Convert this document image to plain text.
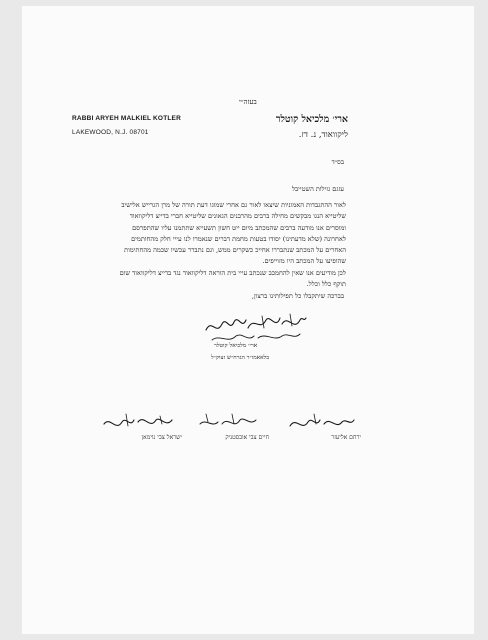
בעזה״י
ארי׳ מלכיאל קוטלר
ליקוואוד, נ. דז.
RABBI ARYEH MALKIEL KOTLER
LAKEWOOD, N.J. 08701
בס״ד
עזגם גזילות השטייבל

לאור ההתגבדות האמוניות שיצאו לאור גם אחרי שמוגו דעת תורה של מרן הגרייש אלישיב

שליטייא הנגו מבקשים מחילה ברבים מהרבנים הגאונים שליטייא חברי בדייצ דליקוואוד

ומוסרים אנו מודעה ברבים שהמכתב מיום ייט חשון תשעייא שתתמנו עליו שהתפרסם

לאחרונה (שלא מדעתינו) יסודו בטעות מחמת דברים שנאמרו לנו עייי חלק מהחותמים

האחרים על המכתב שנתבררו אחייכ כשקרים ממש, וגם נתברר עכשיו שכמה מהחתימות

שהופיעו על המכתב היו מזוייפים.

לכן מודיעים אנו שאין להחמכב שנכתב עייי בית הוראה דליקוואוד נגד בדייצ דליקוואוד שום

תוקף כלל וכלל.

בברכה שיתקבלו כל תפילותינו ברצון,
ארי׳ מלכיאל קוטלר
בלאאמו״ר הגרח״ש זצוק״ל
ירחם אליעזר
חיים צבי אובסטניק
ישראל צבי נוימאן
